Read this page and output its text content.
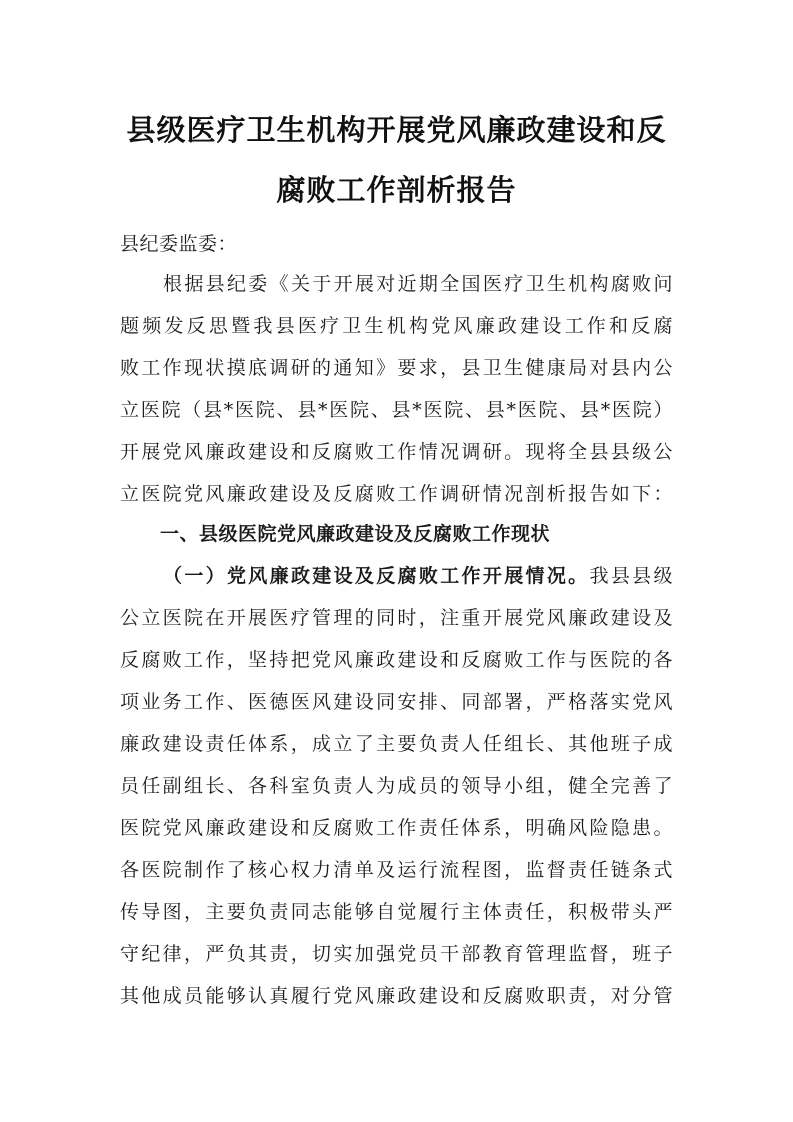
县级医疗卫生机构开展党风廉政建设和反
腐败工作剖析报告
县纪委监委：
根据县纪委《关于开展对近期全国医疗卫生机构腐败问
题频发反思暨我县医疗卫生机构党风廉政建设工作和反腐
败工作现状摸底调研的通知》要求，县卫生健康局对县内公
立医院（县*医院、县*医院、县*医院、县*医院、县*医院）
开展党风廉政建设和反腐败工作情况调研。现将全县县级公
立医院党风廉政建设及反腐败工作调研情况剖析报告如下：
一、县级医院党风廉政建设及反腐败工作现状
（一）党风廉政建设及反腐败工作开展情况。我县县级
公立医院在开展医疗管理的同时，注重开展党风廉政建设及
反腐败工作，坚持把党风廉政建设和反腐败工作与医院的各
项业务工作、医德医风建设同安排、同部署，严格落实党风
廉政建设责任体系，成立了主要负责人任组长、其他班子成
员任副组长、各科室负责人为成员的领导小组，健全完善了
医院党风廉政建设和反腐败工作责任体系，明确风险隐患。
各医院制作了核心权力清单及运行流程图，监督责任链条式
传导图，主要负责同志能够自觉履行主体责任，积极带头严
守纪律，严负其责，切实加强党员干部教育管理监督，班子
其他成员能够认真履行党风廉政建设和反腐败职责，对分管
